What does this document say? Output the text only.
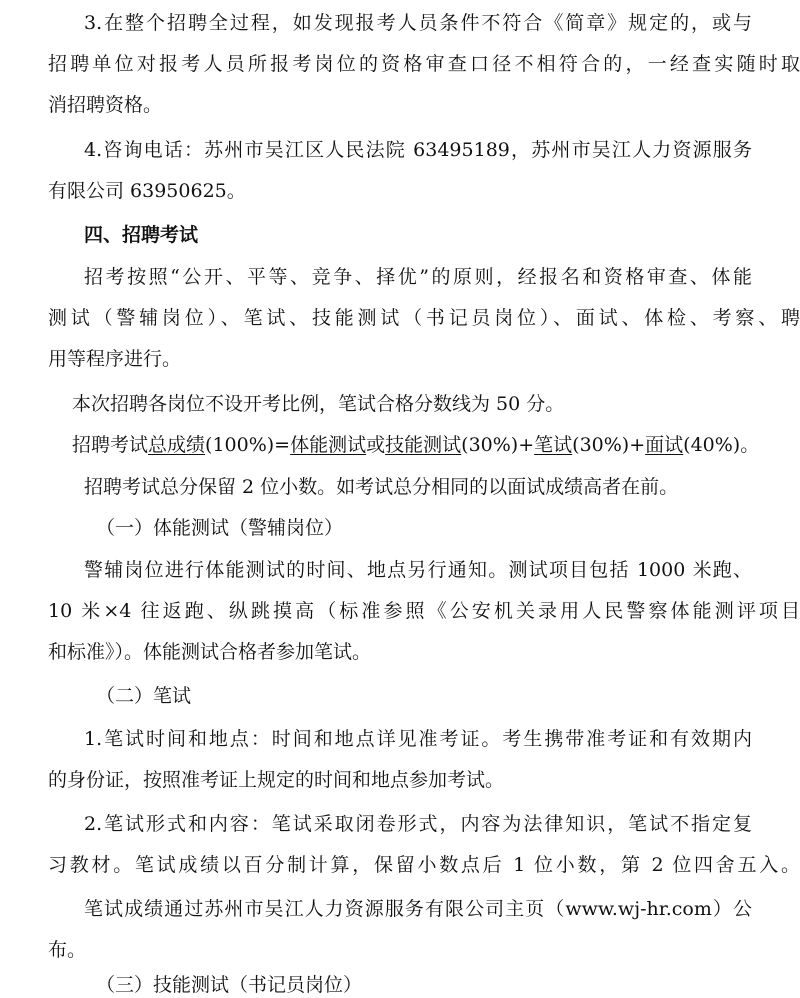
3.在整个招聘全过程，如发现报考人员条件不符合《简章》规定的，或与
招聘单位对报考人员所报考岗位的资格审查口径不相符合的，一经查实随时取
消招聘资格。
4.咨询电话：苏州市吴江区人民法院 63495189，苏州市吴江人力资源服务
有限公司 63950625。
四、招聘考试
招考按照“公开、平等、竞争、择优”的原则，经报名和资格审查、体能
测试（警辅岗位）、笔试、技能测试（书记员岗位）、面试、体检、考察、聘
用等程序进行。
本次招聘各岗位不设开考比例，笔试合格分数线为 50 分。
招聘考试总成绩(100%)=体能测试或技能测试(30%)+笔试(30%)+面试(40%)。
招聘考试总分保留 2 位小数。如考试总分相同的以面试成绩高者在前。
（一）体能测试（警辅岗位）
警辅岗位进行体能测试的时间、地点另行通知。测试项目包括 1000 米跑、
10 米×4 往返跑、纵跳摸高（标准参照《公安机关录用人民警察体能测评项目
和标准》）。体能测试合格者参加笔试。
（二）笔试
1.笔试时间和地点：时间和地点详见准考证。考生携带准考证和有效期内
的身份证，按照准考证上规定的时间和地点参加考试。
2.笔试形式和内容：笔试采取闭卷形式，内容为法律知识，笔试不指定复
习教材。笔试成绩以百分制计算，保留小数点后 1 位小数，第 2 位四舍五入。
笔试成绩通过苏州市吴江人力资源服务有限公司主页（www.wj-hr.com）公
布。
（三）技能测试（书记员岗位）
